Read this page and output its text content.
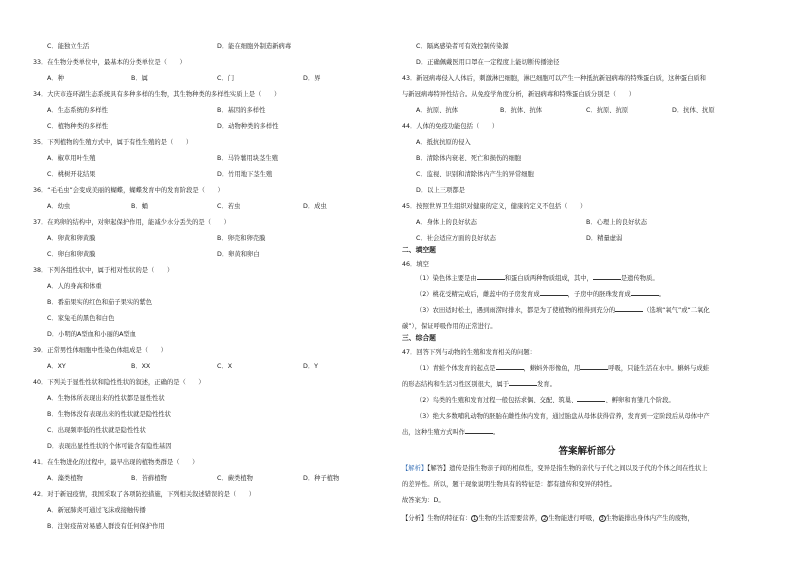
C．能独立生活	D．能在细胞外制造新病毒
33．在生物分类单位中，最基本的分类单位是（　　）
A．种	B．属	C．门	D．界
34．大庆市连环湖生态系统具有多种多样的生物，其生物种类的多样性实质上是（　　）
A．生态系统的多样性	B．基因的多样性
C．植物种类的多样性	D．动物种类的多样性
35．下列植物的生殖方式中，属于有性生殖的是（　　）
A．椒草用叶生殖	B．马铃薯用块茎生殖
C．桃树开花结果	D．竹用地下茎生殖
36．“毛毛虫”会变成美丽的蝴蝶，蝴蝶发育中的发育阶段是（　　）
A．幼虫	B．蛹	C．若虫	D．成虫
37．在鸡卵的结构中，对卵起保护作用，能减少水分丢失的是（　　）
A．卵黄和卵黄膜	B．卵壳和卵壳膜
C．卵白和卵黄膜	D．卵黄和卵白
38．下列各组性状中，属于相对性状的是（　　）
A．人的身高和体重
B．番茄果实的红色和茄子果实的紫色
C．家兔毛的黑色和白色
D．小明的A型血和小丽的A型血
39．正常男性体细胞中性染色体组成是（　　）
A．XY	B．XX	C．X	D．Y
40．下列关于显性性状和隐性性状的叙述，正确的是（　　）
A．生物体所表现出来的性状都是显性性状
B．生物体没有表现出来的性状就是隐性性状
C．出现频率低的性状就是隐性性状
D．表现出显性性状的个体可能含有隐性基因
41．在生物进化的过程中，最早出现的植物类群是（　　）
A．藻类植物	B．苔藓植物	C．蕨类植物	D．种子植物
42．对于新冠疫情，我国采取了各项防控措施，下列相关叙述错误的是（　　）
A．新冠肺炎可通过飞沫或接触传播
B．注射疫苗对易感人群没有任何保护作用
C．隔离感染者可有效控制传染源
D．正确佩戴医用口罩在一定程度上能切断传播途径
43．新冠病毒侵入人体后，刺激淋巴细胞，淋巴细胞可以产生一种抵抗新冠病毒的特殊蛋白质，这种蛋白质和
与新冠病毒特异性结合。从免疫学角度分析，新冠病毒和特殊蛋白质分别是（　　）
A．抗原、抗体	B．抗体、抗体	C．抗原、抗原	D．抗体、抗原
44．人体的免疫功能包括（　　）
A．抵抗抗原的侵入
B．清除体内衰老、死亡和损伤的细胞
C．监视、识别和清除体内产生的异常细胞
D．以上三项都是
45．按照世界卫生组织对健康的定义，健康的定义不包括（　　）
A．身体上的良好状态	B．心理上的良好状态
C．社会适应方面的良好状态	D．精量虚弱
二、填空题
46．填空
（1）染色体主要是由	和蛋白质两种物质组成，其中，	是遗传物质。
（2）桃花受精完成后，雌蕊中的子房发育成	，子房中的胚珠发育成	。
（3）农田适时松土，遇到雨涝时排水，都是为了使植物的根得到充分的	（选填“氧气”或“二氧化
碳”），保证呼吸作用的正常进行。
三、综合题
47．回答下列与动物的生殖和发育相关的问题：
（1）青蛙个体发育的起点是	，蝌蚪外形像鱼，用	呼吸，只能生活在水中。蝌蚪与成蛙
的形态结构和生活习性区别很大，属于	发育。
（2）鸟类的生殖和发育过程一般包括求偶、交配、筑巢、	、孵卵和育雏几个阶段。
（3）绝大多数哺乳动物的胚胎在雌性体内发育，通过胎盘从母体获得营养，发育到一定阶段后从母体中产
出，这种生殖方式叫作	。
答案解析部分
【解析】【解答】遗传是指生物亲子间的相似性，变异是指生物的亲代与子代之间以及子代的个体之间在性状上
的差异性。所以，题干现象说明生物具有的特征是：都有遗传和变异的特性。
故答案为：D。
【分析】生物的特征有： 1 生物的生活需要营养， 2 生物能进行呼吸， 3 生物能排出身体内产生的废物，
